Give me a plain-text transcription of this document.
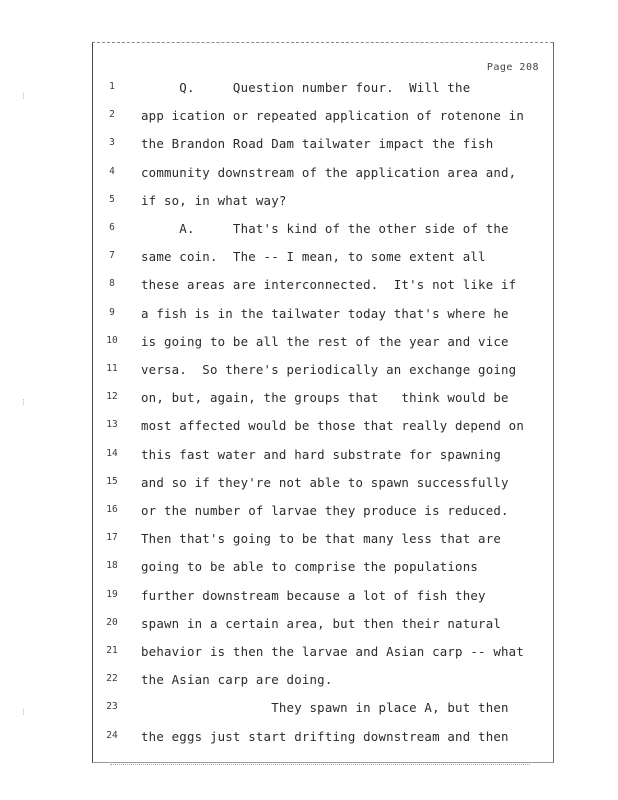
Page 208
1	Q.     Question number four.  Will the
2	app ication or repeated application of rotenone in
3	the Brandon Road Dam tailwater impact the fish
4	community downstream of the application area and,
5	if so, in what way?
6	A.     That's kind of the other side of the
7	same coin.  The -- I mean, to some extent all
8	these areas are interconnected.  It's not like if
9	a fish is in the tailwater today that's where he
10	is going to be all the rest of the year and vice
11	versa.  So there's periodically an exchange going
12	on, but, again, the groups that   think would be
13	most affected would be those that really depend on
14	this fast water and hard substrate for spawning
15	and so if they're not able to spawn successfully
16	or the number of larvae they produce is reduced.
17	Then that's going to be that many less that are
18	going to be able to comprise the populations
19	further downstream because a lot of fish they
20	spawn in a certain area, but then their natural
21	behavior is then the larvae and Asian carp -- what
22	the Asian carp are doing.
23	They spawn in place A, but then
24	the eggs just start drifting downstream and then
⁝
⁝
⁝
